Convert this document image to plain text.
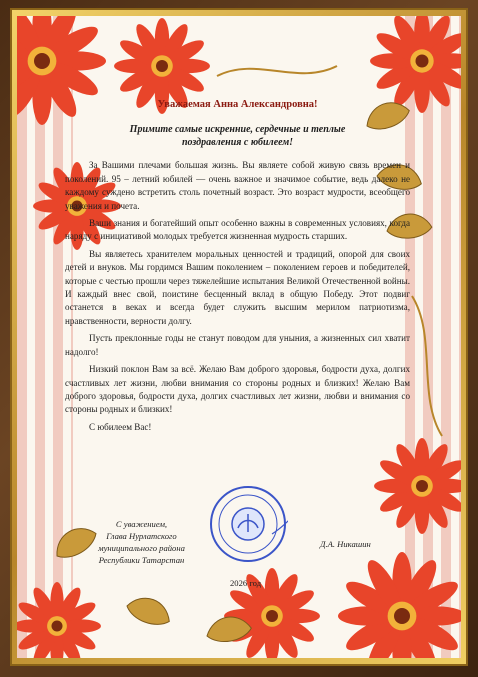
Уважаемая Анна Александровна!
Примите самые искренние, сердечные и теплые
поздравления с юбилеем!

За Вашими плечами большая жизнь. Вы являете собой живую связь времен и поколений. 95 – летний юбилей — очень важное и значимое событие, ведь далеко не каждому суждено встретить столь почетный возраст. Это возраст мудрости, всеобщего уважения и почета.

Ваши знания и богатейший опыт особенно важны в современных условиях, когда наряду с инициативой молодых требуется жизненная мудрость старших.

Вы являетесь хранителем моральных ценностей и традиций, опорой для своих детей и внуков. Мы гордимся Вашим поколением – поколением героев и победителей, которые с честью прошли через тяжелейшие испытания Великой Отечественной войны. И каждый внес свой, поистине бесценный вклад в общую Победу. Этот подвиг останется в веках и всегда будет служить высшим мерилом патриотизма, нравственности, верности долгу.

Пусть преклонные годы не станут поводом для уныния, а жизненных сил хватит надолго!

Низкий поклон Вам за всё. Желаю Вам доброго здоровья, бодрости духа, долгих счастливых лет жизни, любви внимания со стороны родных и близких! Желаю Вам доброго здоровья, бодрости духа, долгих счастливых лет жизни, любви и внимания со стороны родных и близких!

С юбилеем Вас!

С уважением,
Глава Нурлатского
муниципального района
Республики Татарстан
Д.А. Никашин
2026 год
